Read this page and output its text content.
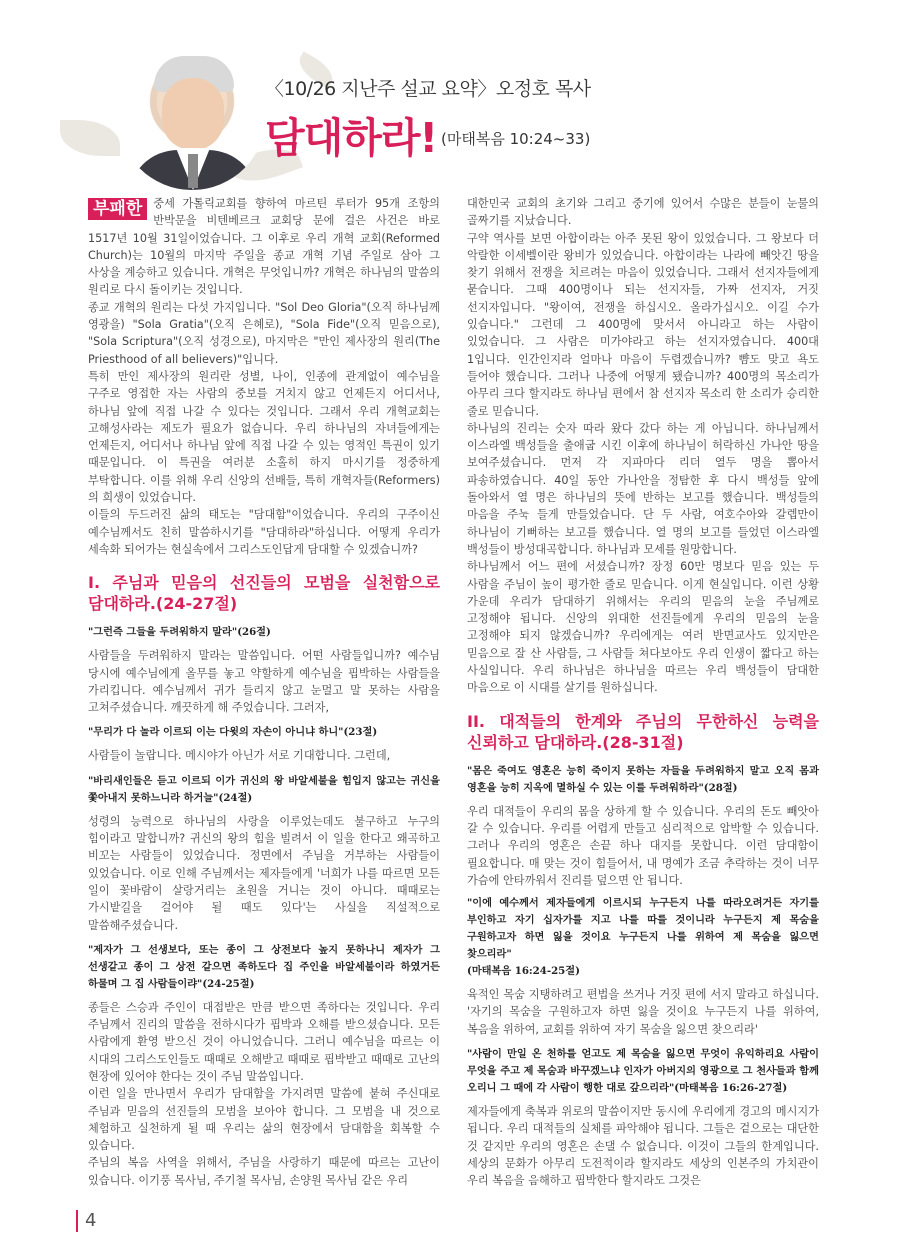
〈10/26 지난주 설교 요약〉오정호 목사
담대하라! (마태복음 10:24~33)

부패한 중세 가톨릭교회를 향하여 마르틴 루터가 95개 조항의 반박문을 비텐베르크 교회당 문에 걸은 사건은 바로 1517년 10월 31일이었습니다. 그 이후로 우리 개혁 교회(Reformed Church)는 10월의 마지막 주일을 종교 개혁 기념 주일로 삼아 그 사상을 계승하고 있습니다. 개혁은 무엇입니까? 개혁은 하나님의 말씀의 원리로 다시 돌이키는 것입니다.

종교 개혁의 원리는 다섯 가지입니다. "Sol Deo Gloria"(오직 하나님께 영광을) "Sola Gratia"(오직 은혜로), "Sola Fide"(오직 믿음으로), "Sola Scriptura"(오직 성경으로), 마지막은 "만인 제사장의 원리(The Priesthood of all believers)"입니다.

특히 만인 제사장의 원리란 성별, 나이, 인종에 관계없이 예수님을 구주로 영접한 자는 사람의 중보를 거치지 않고 언제든지 어디서나, 하나님 앞에 직접 나갈 수 있다는 것입니다. 그래서 우리 개혁교회는 고해성사라는 제도가 필요가 없습니다. 우리 하나님의 자녀들에게는 언제든지, 어디서나 하나님 앞에 직접 나갈 수 있는 영적인 특권이 있기 때문입니다. 이 특권을 여러분 소홀히 하지 마시기를 정중하게 부탁합니다. 이를 위해 우리 신앙의 선배들, 특히 개혁자들(Reformers)의 희생이 있었습니다.

이들의 두드러진 삶의 태도는 "담대함"이었습니다. 우리의 구주이신 예수님께서도 친히 말씀하시기를 "담대하라"하십니다. 어떻게 우리가 세속화 되어가는 현실속에서 그리스도인답게 담대할 수 있겠습니까?

I. 주님과 믿음의 선진들의 모범을 실천함으로 담대하라.(24-27절)
"그런즉 그들을 두려워하지 말라"(26절)

사람들을 두려워하지 말라는 말씀입니다. 어떤 사람들입니까? 예수님 당시에 예수님에게 올무를 놓고 약할하게 예수님을 핍박하는 사람들을 가리킵니다. 예수님께서 귀가 들리지 않고 눈멀고 말 못하는 사람을 고쳐주셨습니다. 깨끗하게 해 주었습니다. 그러자,

"무리가 다 놀라 이르되 이는 다윗의 자손이 아니냐 하니"(23절)

사람들이 놀랍니다. 메시야가 아닌가 서로 기대합니다. 그런데,

"바리새인들은 듣고 이르되 이가 귀신의 왕 바알세불을 힘입지 않고는 귀신을 쫓아내지 못하느니라 하거늘"(24절)

성령의 능력으로 하나님의 사랑을 이루었는데도 불구하고 누구의 힘이라고 말합니까? 귀신의 왕의 힘을 빌려서 이 일을 한다고 왜곡하고 비꼬는 사람들이 있었습니다. 정면에서 주님을 거부하는 사람들이 있었습니다. 이로 인해 주님께서는 제자들에게 '너희가 나를 따르면 모든 일이 꽃바람이 살랑거리는 초원을 거니는 것이 아니다. 때때로는 가시밭길을 걸어야 될 때도 있다'는 사실을 직설적으로 말씀해주셨습니다.

"제자가 그 선생보다, 또는 종이 그 상전보다 높지 못하나니 제자가 그 선생같고 종이 그 상전 같으면 족하도다 집 주인을 바알세불이라 하였거든 하물며 그 집 사람들이랴"(24-25절)

종들은 스승과 주인이 대접받은 만큼 받으면 족하다는 것입니다. 우리 주님께서 진리의 말씀을 전하시다가 핍박과 오해를 받으셨습니다. 모든 사람에게 환영 받으신 것이 아니었습니다. 그러니 예수님을 따르는 이 시대의 그리스도인들도 때때로 오해받고 때때로 핍박받고 때때로 고난의 현장에 있어야 한다는 것이 주님 말씀입니다.

이런 일을 만나면서 우리가 담대함을 가지려면 말씀에 붙혀 주신대로 주님과 믿음의 선진들의 모범을 보아야 합니다. 그 모범을 내 것으로 체험하고 실천하게 될 때 우리는 삶의 현장에서 담대함을 회복할 수 있습니다.

주님의 복음 사역을 위해서, 주님을 사랑하기 때문에 따르는 고난이 있습니다. 이기풍 목사님, 주기철 목사님, 손양원 목사님 같은 우리

대한민국 교회의 초기와 그리고 중기에 있어서 수많은 분들이 눈물의 골짜기를 지났습니다.

구약 역사를 보면 아합이라는 아주 못된 왕이 있었습니다. 그 왕보다 더 악랄한 이세벨이란 왕비가 있었습니다. 아합이라는 나라에 빼앗긴 땅을 찾기 위해서 전쟁을 치르려는 마음이 있었습니다. 그래서 선지자들에게 묻습니다. 그때 400명이나 되는 선지자들, 가짜 선지자, 거짓 선지자입니다. "왕이여, 전쟁을 하십시오. 올라가십시오. 이길 수가 있습니다." 그런데 그 400명에 맞서서 아니라고 하는 사람이 있었습니다. 그 사람은 미가야라고 하는 선지자였습니다. 400대 1입니다. 인간인지라 얼마나 마음이 두렵겠습니까? 뺨도 맞고 욕도 들어야 했습니다. 그러나 나중에 어떻게 됐습니까? 400명의 목소리가 아무리 크다 할지라도 하나님 편에서 참 선지자 목소리 한 소리가 승리한 줄로 믿습니다.

하나님의 진리는 숫자 따라 왔다 갔다 하는 게 아닙니다. 하나님께서 이스라엘 백성들을 출애굽 시킨 이후에 하나님이 허락하신 가나안 땅을 보여주셨습니다. 먼저 각 지파마다 리더 열두 명을 뽑아서 파송하였습니다. 40일 동안 가나안을 정탐한 후 다시 백성들 앞에 돌아와서 열 명은 하나님의 뜻에 반하는 보고를 했습니다. 백성들의 마음을 주눅 들게 만들었습니다. 단 두 사람, 여호수아와 갈렙만이 하나님이 기뻐하는 보고를 했습니다. 열 명의 보고를 들었던 이스라엘 백성들이 방성대곡합니다. 하나님과 모세를 원망합니다.

하나님께서 어느 편에 서셨습니까? 장정 60만 명보다 믿음 있는 두 사람을 주님이 높이 평가한 줄로 믿습니다. 이게 현실입니다. 이런 상황 가운데 우리가 담대하기 위해서는 우리의 믿음의 눈을 주님께로 고정해야 됩니다. 신앙의 위대한 선진들에게 우리의 믿음의 눈을 고정해야 되지 않겠습니까? 우리에게는 여러 반면교사도 있지만은 믿음으로 잘 산 사람들, 그 사람들 쳐다보아도 우리 인생이 짧다고 하는 사실입니다. 우리 하나님은 하나님을 따르는 우리 백성들이 담대한 마음으로 이 시대를 살기를 원하십니다.

II. 대적들의 한계와 주님의 무한하신 능력을 신뢰하고 담대하라.(28-31절)
"몸은 죽여도 영혼은 능히 죽이지 못하는 자들을 두려워하지 말고 오직 몸과 영혼을 능히 지옥에 멸하실 수 있는 이를 두려워하라"(28절)

우리 대적들이 우리의 몸을 상하게 할 수 있습니다. 우리의 돈도 빼앗아 갈 수 있습니다. 우리를 어렵게 만들고 심리적으로 압박할 수 있습니다. 그러나 우리의 영혼은 손끝 하나 대지를 못합니다. 이런 담대함이 필요합니다. 매 맞는 것이 힘들어서, 내 명예가 조금 추락하는 것이 너무 가슴에 안타까워서 진리를 덮으면 안 됩니다.

"이에 예수께서 제자들에게 이르시되 누구든지 나를 따라오려거든 자기를 부인하고 자기 십자가를 지고 나를 따를 것이니라 누구든지 제 목숨을 구원하고자 하면 잃을 것이요 누구든지 나를 위하여 제 목숨을 잃으면 찾으리라"
(마태복음 16:24-25절)

육적인 목숨 지탱하려고 편법을 쓰거나 거짓 편에 서지 말라고 하십니다. '자기의 목숨을 구원하고자 하면 잃을 것이요 누구든지 나를 위하여, 복음을 위하여, 교회를 위하여 자기 목숨을 잃으면 찾으리라'

"사람이 만일 온 천하를 얻고도 제 목숨을 잃으면 무엇이 유익하리요 사람이 무엇을 주고 제 목숨과 바꾸겠느냐 인자가 아버지의 영광으로 그 천사들과 함께 오리니 그 때에 각 사람이 행한 대로 갚으리라"(마태복음 16:26-27절)

제자들에게 축복과 위로의 말씀이지만 동시에 우리에게 경고의 메시지가 됩니다. 우리 대적들의 실체를 파악해야 됩니다. 그들은 겉으로는 대단한 것 같지만 우리의 영혼은 손댈 수 없습니다. 이것이 그들의 한계입니다. 세상의 문화가 아무리 도전적이라 할지라도 세상의 인본주의 가치관이 우리 복음을 음해하고 핍박한다 할지라도 그것은

4
